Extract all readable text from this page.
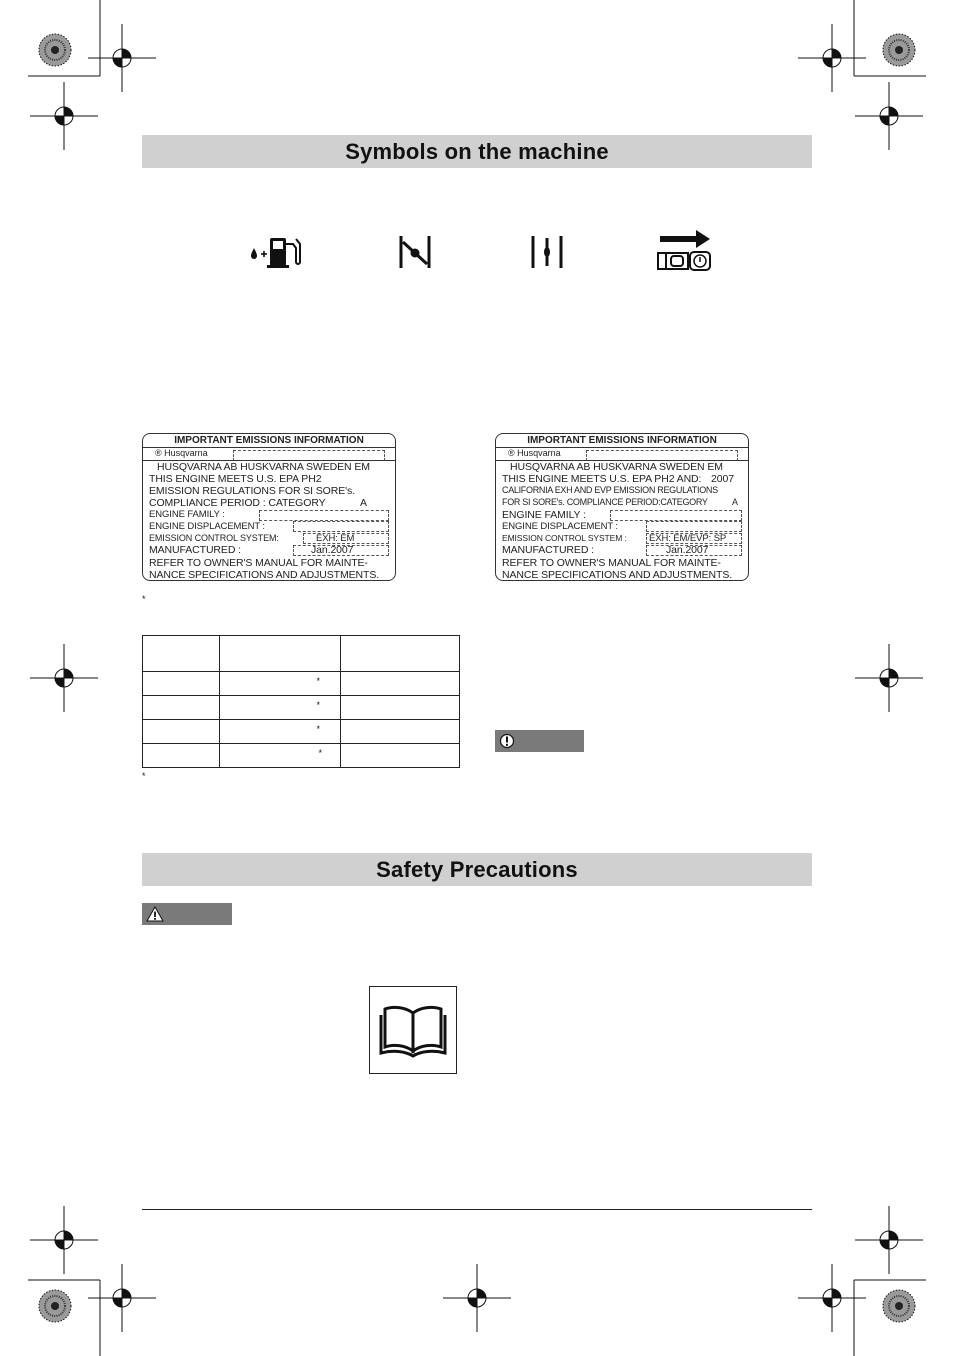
Symbols on the machine
IMPORTANT EMISSIONS INFORMATION
® Husqvarna
HUSQVARNA AB HUSKVARNA SWEDEN EM
THIS ENGINE MEETS U.S. EPA PH2
EMISSION REGULATIONS FOR SI SORE's.
COMPLIANCE PERIOD : CATEGORY	A
ENGINE FAMILY :
ENGINE DISPLACEMENT :
EMISSION CONTROL SYSTEM:	EXH: EM
MANUFACTURED :	Jan.2007
REFER TO OWNER'S MANUAL FOR MAINTE-
NANCE SPECIFICATIONS AND ADJUSTMENTS.
IMPORTANT EMISSIONS INFORMATION
® Husqvarna
HUSQVARNA AB HUSKVARNA SWEDEN EM
THIS ENGINE MEETS U.S. EPA PH2 AND: 2007
CALIFORNIA EXH AND EVP EMISSION REGULATIONS
FOR SI SORE's. COMPLIANCE PERIOD:CATEGORY	A
ENGINE FAMILY :
ENGINE DISPLACEMENT :
EMISSION CONTROL SYSTEM : EXH: EM/EVP: SP
MANUFACTURED :	Jan.2007
REFER TO OWNER'S MANUAL FOR MAINTE-
NANCE SPECIFICATIONS AND ADJUSTMENTS.
*

	*	

	*	

	*	

	*	

*
Safety Precautions
